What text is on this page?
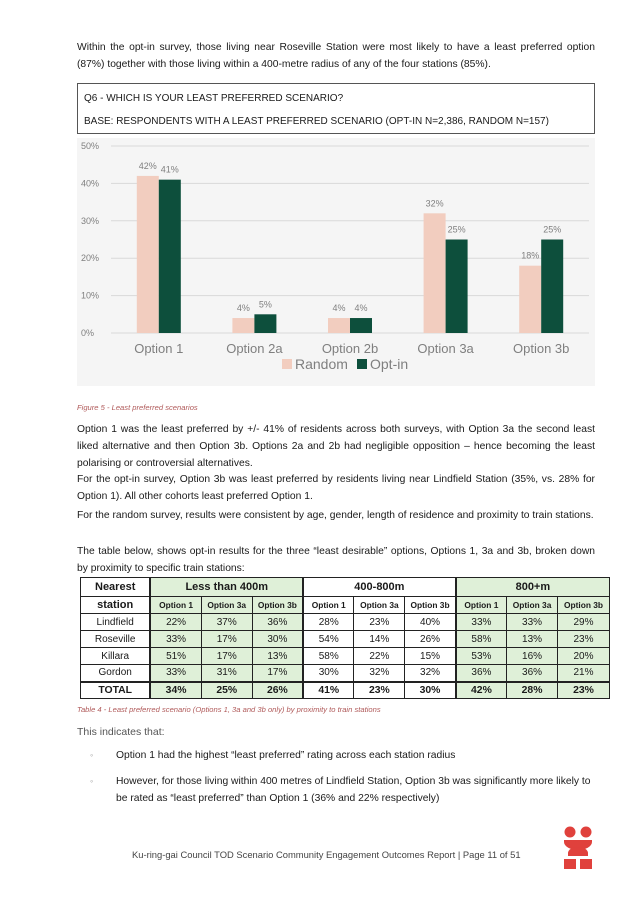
Within the opt-in survey, those living near Roseville Station were most likely to have a least preferred option (87%) together with those living within a 400-metre radius of any of the four stations (85%).

Q6 - WHICH IS YOUR LEAST PREFERRED SCENARIO?
BASE: RESPONDENTS WITH A LEAST PREFERRED SCENARIO (OPT-IN N=2,386, RANDOM N=157)
0%
10%
20%
30%
40%
50%
42% 41%
Option 1
4% 5%
Option 2a
4% 4%
Option 2b
32%
25%
Option 3a
18%
25%
Option 3b
Random Opt-in
Figure 5 - Least preferred scenarios

Option 1 was the least preferred by +/- 41% of residents across both surveys, with Option 3a the second least liked alternative and then Option 3b. Options 2a and 2b had negligible opposition – hence becoming the least polarising or controversial alternatives.

For the opt-in survey, Option 3b was least preferred by residents living near Lindfield Station (35%, vs. 28% for Option 1). All other cohorts least preferred Option 1.

For the random survey, results were consistent by age, gender, length of residence and proximity to train stations.

The table below, shows opt-in results for the three “least desirable” options, Options 1, 3a and 3b, broken down by proximity to specific train stations:

Nearest	Less than 400m			400-800m			800+m		
station	Option 1	Option 3a	Option 3b	Option 1	Option 3a	Option 3b	Option 1	Option 3a	Option 3b
Lindfield	22%	37%	36%	28%	23%	40%	33%	33%	29%
Roseville	33%	17%	30%	54%	14%	26%	58%	13%	23%
Killara	51%	17%	13%	58%	22%	15%	53%	16%	20%
Gordon	33%	31%	17%	30%	32%	32%	36%	36%	21%
TOTAL	34%	25%	26%	41%	23%	30%	42%	28%	23%
Table 4 - Least preferred scenario (Options 1, 3a and 3b only) by proximity to train stations
This indicates that:
◦	Option 1 had the highest “least preferred” rating across each station radius
◦	However, for those living within 400 metres of Lindfield Station, Option 3b was significantly more likely to be rated as “least preferred” than Option 1 (36% and 22% respectively)
Ku-ring-gai Council TOD Scenario Community Engagement Outcomes Report | Page 11 of 51
